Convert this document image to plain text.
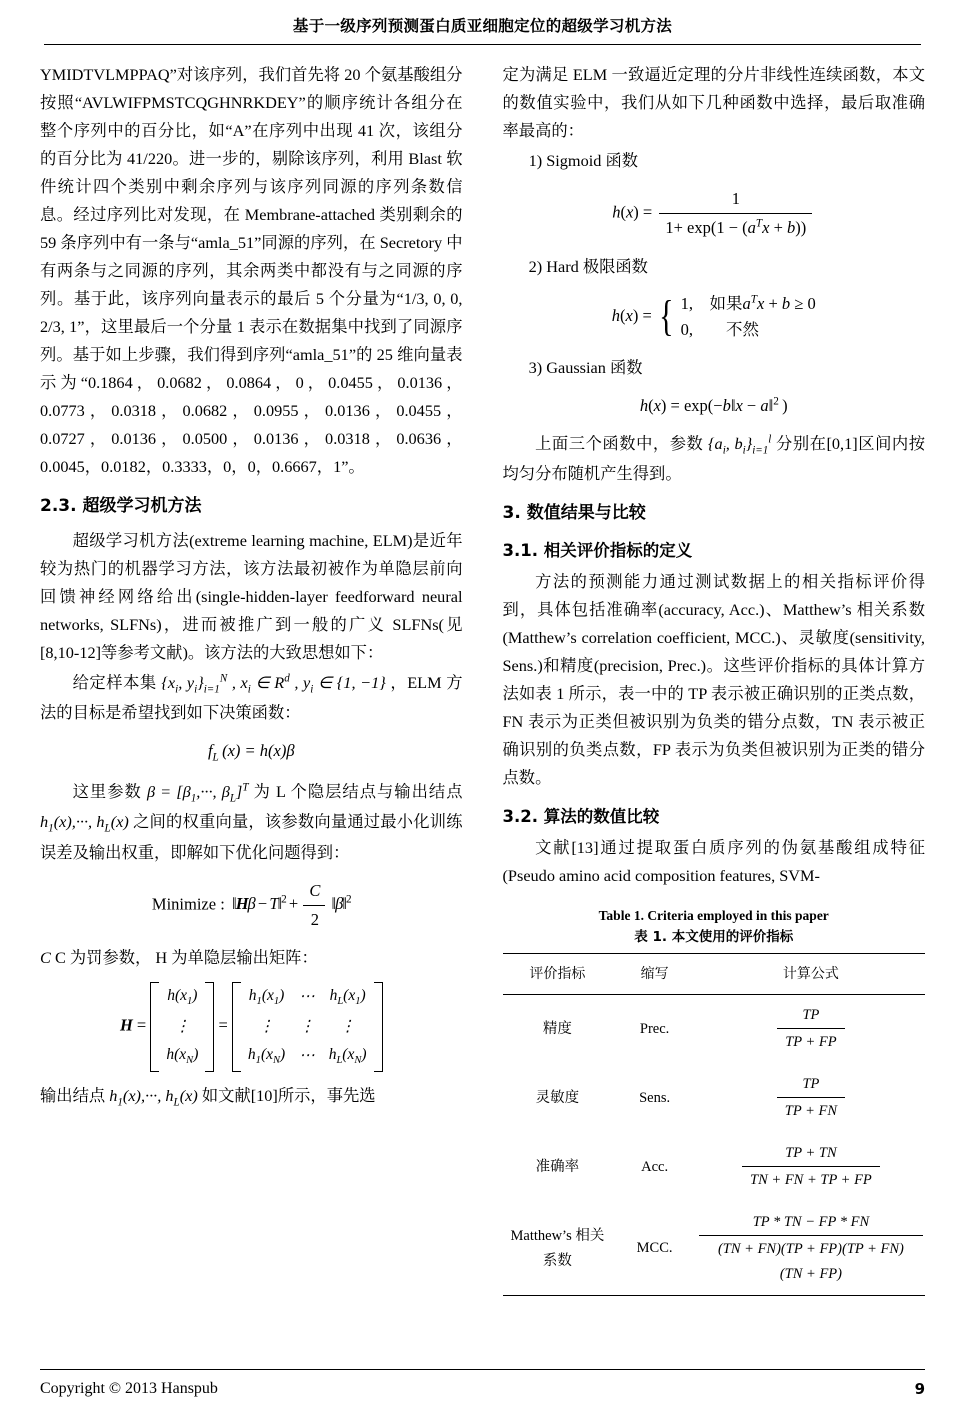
基于一级序列预测蛋白质亚细胞定位的超级学习机方法

YMIDTVLMPPAQ”对该序列，我们首先将 20 个氨基酸组分按照“AVLWIFPMSTCQGHNRKDEY”的顺序统计各组分在整个序列中的百分比，如“A”在序列中出现 41 次，该组分的百分比为 41/220。进一步的，剔除该序列，利用 Blast 软件统计四个类别中剩余序列与该序列同源的序列条数信息。经过序列比对发现，在 Membrane-attached 类别剩余的 59 条序列中有一条与“amla_51”同源的序列，在 Secretory 中有两条与之同源的序列，其余两类中都没有与之同源的序列。基于此，该序列向量表示的最后 5 个分量为“1/3, 0, 0, 2/3, 1”，这里最后一个分量 1 表示在数据集中找到了同源序列。基于如上步骤，我们得到序列“amla_51”的 25 维向量表示为“0.1864，0.0682，0.0864，0，0.0455，0.0136，0.0773，0.0318，0.0682，0.0955，0.0136，0.0455，0.0727，0.0136，0.0500，0.0136，0.0318，0.0636，0.0045，0.0182，0.3333，0，0，0.6667，1”。

2.3. 超级学习机方法

超级学习机方法(extreme learning machine, ELM)是近年较为热门的机器学习方法，该方法最初被作为单隐层前向回馈神经网络给出(single-hidden-layer feedforward neural networks, SLFNs)，进而被推广到一般的广义 SLFNs(见[8,10-12]等参考文献)。该方法的大致思想如下：

给定样本集 {$x_i$, $y_i\}_{i=1}^N$ , $x_i$ ∈ $R^d$ , $y_i$ ∈ {1, −1} ，ELM 方法的目标是希望找到如下决策函数：

$f_L$ (x) = h(x)β

这里参数 $\beta = [\beta_1,\cdot\cdot\cdot$, $\beta_L]^T$ 为 L 个隐层结点与输出结点 $h_1(x),\cdot\cdot\cdot$, $h_L(x)$ 之间的权重向量，该参数向量通过最小化训练误差及输出权重，即解如下优化问题得到：

Minimize :  ‖Hβ − T‖$^2$ + $\frac{C}{2}$ ‖β‖$^2$

C C 为罚参数， H 为单隐层输出矩阵：

H =
$h(x_1)$
⋮
$h(x_N)$
=
$h_1(x_1)$	⋯	$h_L(x_1)$
⋮	⋮	⋮
$h_1(x_N)$	⋯	$h_L(x_N)$

输出结点 $h_1(x),\cdot\cdot\cdot$, $h_L(x)$ 如文献[10]所示，事先选

定为满足 ELM 一致逼近定理的分片非线性连续函数，本文的数值实验中，我们从如下几种函数中选择，最后取准确率最高的：

1) Sigmoid 函数

$h(x) = \frac{1}{1+ \exp(1 - (a^Tx + b))}$

2) Hard 极限函数

h(x) = { 1,    如果$a^Tx + b \ge 0$
0,        不然

3) Gaussian 函数

h(x) = exp(−b‖x − a‖$^2$ )

上面三个函数中，参数 {$a_i$, $b_i\}_{i=1}^l$ 分别在[0,1]区间内按均匀分布随机产生得到。

3. 数值结果与比较
3.1. 相关评价指标的定义

方法的预测能力通过测试数据上的相关指标评价得到，具体包括准确率(accuracy, Acc.)、Matthew’s 相关系数(Matthew’s correlation coefficient, MCC.)、灵敏度(sensitivity, Sens.)和精度(precision, Prec.)。这些评价指标的具体计算方法如表 1 所示，表一中的 TP 表示被正确识别的正类点数，FN 表示为正类但被识别为负类的错分点数，TN 表示被正确识别的负类点数，FP 表示为负类但被识别为正类的错分点数。

3.2. 算法的数值比较

文献[13]通过提取蛋白质序列的伪氨基酸组成特征(Pseudo amino acid composition features, SVM-

Table 1. Criteria employed in this paper
表 1. 本文使用的评价指标
评价指标	缩写	计算公式
精度	Prec.	$\frac{TP}{TP + FP}$

灵敏度	Sens.	$\frac{TP}{TP + FN}$

准确率	Acc.	$\frac{TP + TN}{TN + FN + TP + FP}$

Matthew’s 相关系数	MCC.	$\frac{TP * TN - FP * FN}{(TN + FN)(TP + FP)(TP + FN)(TN + FP)}$
Copyright © 2013 Hanspub	9
